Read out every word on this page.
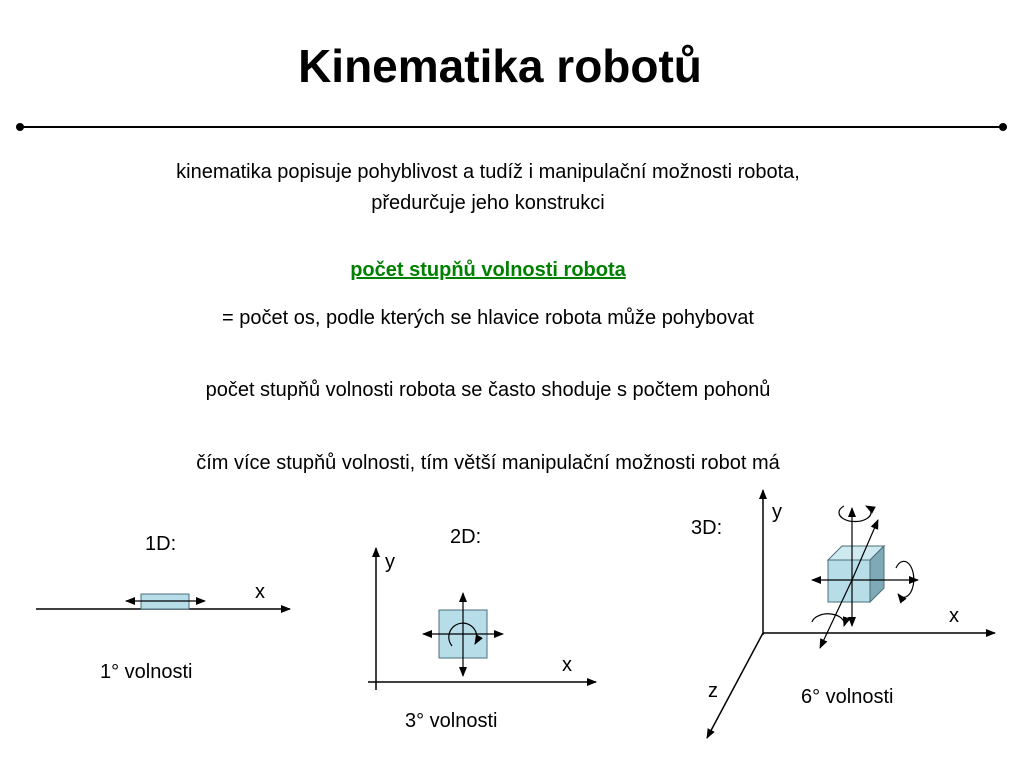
Kinematika robotů
kinematika popisuje pohyblivost a tudíž i manipulační možnosti robota,
předurčuje jeho konstrukci
počet stupňů volnosti robota
= počet os, podle kterých se hlavice robota může pohybovat
počet stupňů volnosti robota se často shoduje s počtem pohonů
čím více stupňů volnosti, tím větší manipulační možnosti robot má
1D:
x
1° volnosti
2D:
y
x
3° volnosti
3D:
y
x
z	6° volnosti
